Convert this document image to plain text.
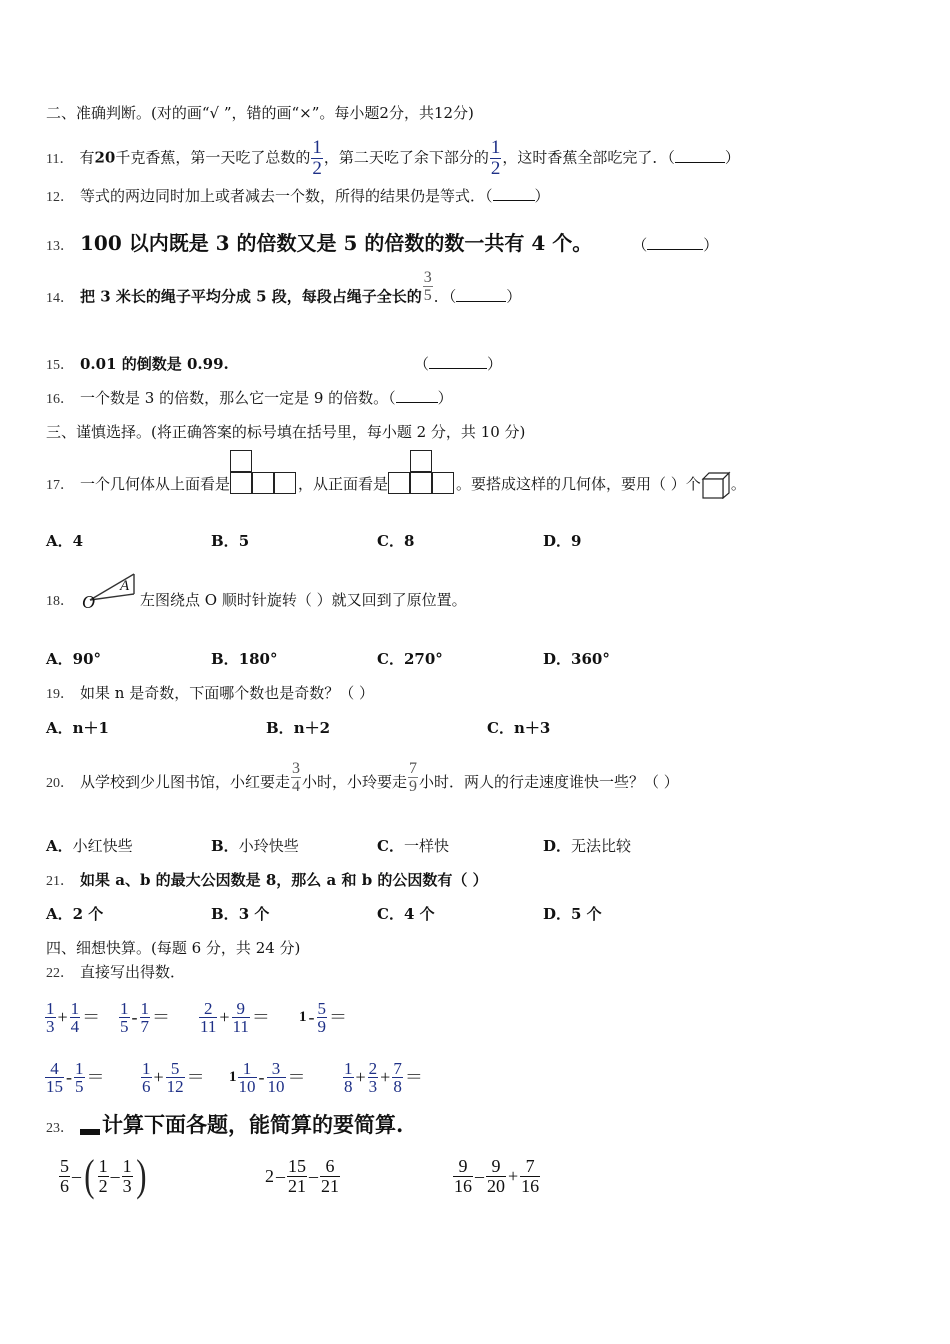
二、准确判断。(对的画“√ ”，错的画“×”。每小题2分，共12分)
11． 有20千克香蕉，第一天吃了总数的 $\frac{1}{2}$ ，第二天吃了余下部分的 $\frac{1}{2}$ ，这时香蕉全部吃完了．（	）
12． 等式的两边同时加上或者减去一个数，所得的结果仍是等式．（	）
13． 100 以内既是 3 的倍数又是 5 的倍数的数一共有 4 个。	（	）
14． 把 3 米长的绳子平均分成 5 段，每段占绳子全长的 $\frac{3}{5}$ ．（	）
15． 0.01 的倒数是 0.99.	（	）
16． 一个数是 3 的倍数，那么它一定是 9 的倍数。（	）
三、谨慎选择。(将正确答案的标号填在括号里，每小题 2 分，共 10 分)
17． 一个几何体从上面看是	，从正面看是	。要搭成这样的几何体，要用（ ）个 。
A．4	B．5	C．8	D．9
18． O
A
左图绕点 O 顺时针旋转（ ）就又回到了原位置。
A．90°	B．180°	C．270°	D．360°
19． 如果 n 是奇数，下面哪个数也是奇数？（ ）
A．n＋1	B．n＋2	C．n＋3
20． 从学校到少儿图书馆，小红要走 $\frac{3}{4}$ 小时，小玲要走 $\frac{7}{9}$ 小时．两人的行走速度谁快一些？（ ）
A．小红快些	B．小玲快些	C．一样快	D．无法比较
21． 如果 a、b 的最大公因数是 8，那么 a 和 b 的公因数有（ ）
A．2 个	B．3 个	C．4 个	D．5 个
四、细想快算。(每题 6 分，共 24 分)
22． 直接写出得数．
$\frac{1}{3} + \frac{1}{4} = \frac{1}{5} - \frac{1}{7} = \frac{2}{11} + \frac{9}{11} = 1 - \frac{5}{9}$ ＝
$\frac{4}{15} - \frac{1}{5} = \frac{1}{6} + \frac{5}{12} = 1 \frac{1}{10} - \frac{3}{10} = \frac{1}{8} + \frac{2}{3} + \frac{7}{8}$ ＝
23． 计算下面各题，能简算的要简算.
$\frac{5}{6}$ –( $\frac{1}{2} - \frac{1}{3}$ )	$2 - \frac{15}{21} - \frac{6}{21}$	$\frac{9}{16} - \frac{9}{20} + \frac{7}{16}$
